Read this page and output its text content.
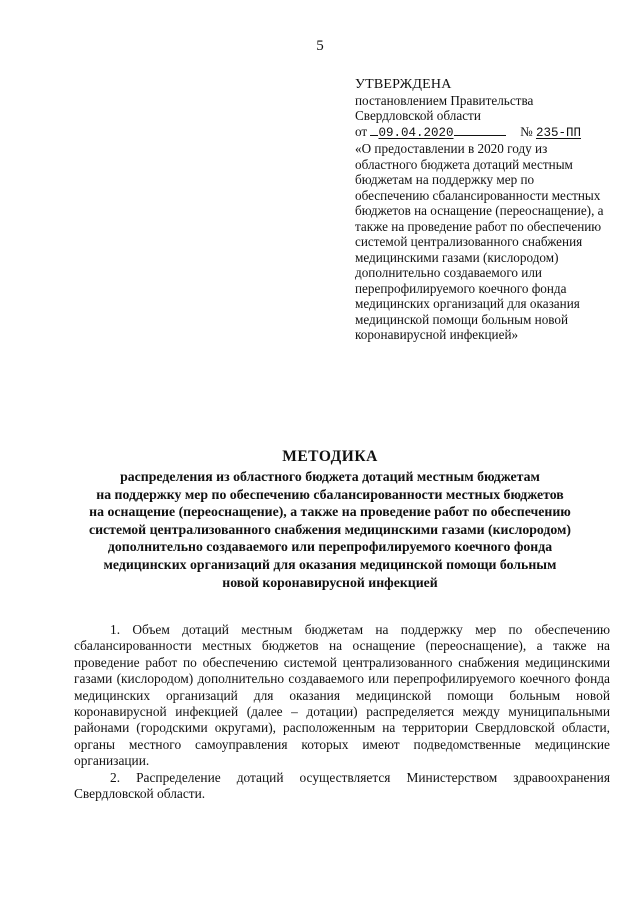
5
УТВЕРЖДЕНА
постановлением Правительства
Свердловской области
от 09.04.2020	№ 235-ПП
«О предоставлении в 2020 году из областного бюджета дотаций местным бюджетам на поддержку мер по обеспечению сбалансированности местных бюджетов на оснащение (переоснащение), а также на проведение работ по обеспечению системой централизованного снабжения медицинскими газами (кислородом) дополнительно создаваемого или перепрофилируемого коечного фонда медицинских организаций для оказания медицинской помощи больным новой коронавирусной инфекцией»
МЕТОДИКА
распределения из областного бюджета дотаций местным бюджетам
на поддержку мер по обеспечению сбалансированности местных бюджетов
на оснащение (переоснащение), а также на проведение работ по обеспечению
системой централизованного снабжения медицинскими газами (кислородом)
дополнительно создаваемого или перепрофилируемого коечного фонда
медицинских организаций для оказания медицинской помощи больным
новой коронавирусной инфекцией

1. Объем дотаций местным бюджетам на поддержку мер по обеспечению сбалансированности местных бюджетов на оснащение (переоснащение), а также на проведение работ по обеспечению системой централизованного снабжения медицинскими газами (кислородом) дополнительно создаваемого или перепрофилируемого коечного фонда медицинских организаций для оказания медицинской помощи больным новой коронавирусной инфекцией (далее – дотации) распределяется между муниципальными районами (городскими округами), расположенным на территории Свердловской области, органы местного самоуправления которых имеют подведомственные медицинские организации.

2. Распределение дотаций осуществляется Министерством здравоохранения Свердловской области.
